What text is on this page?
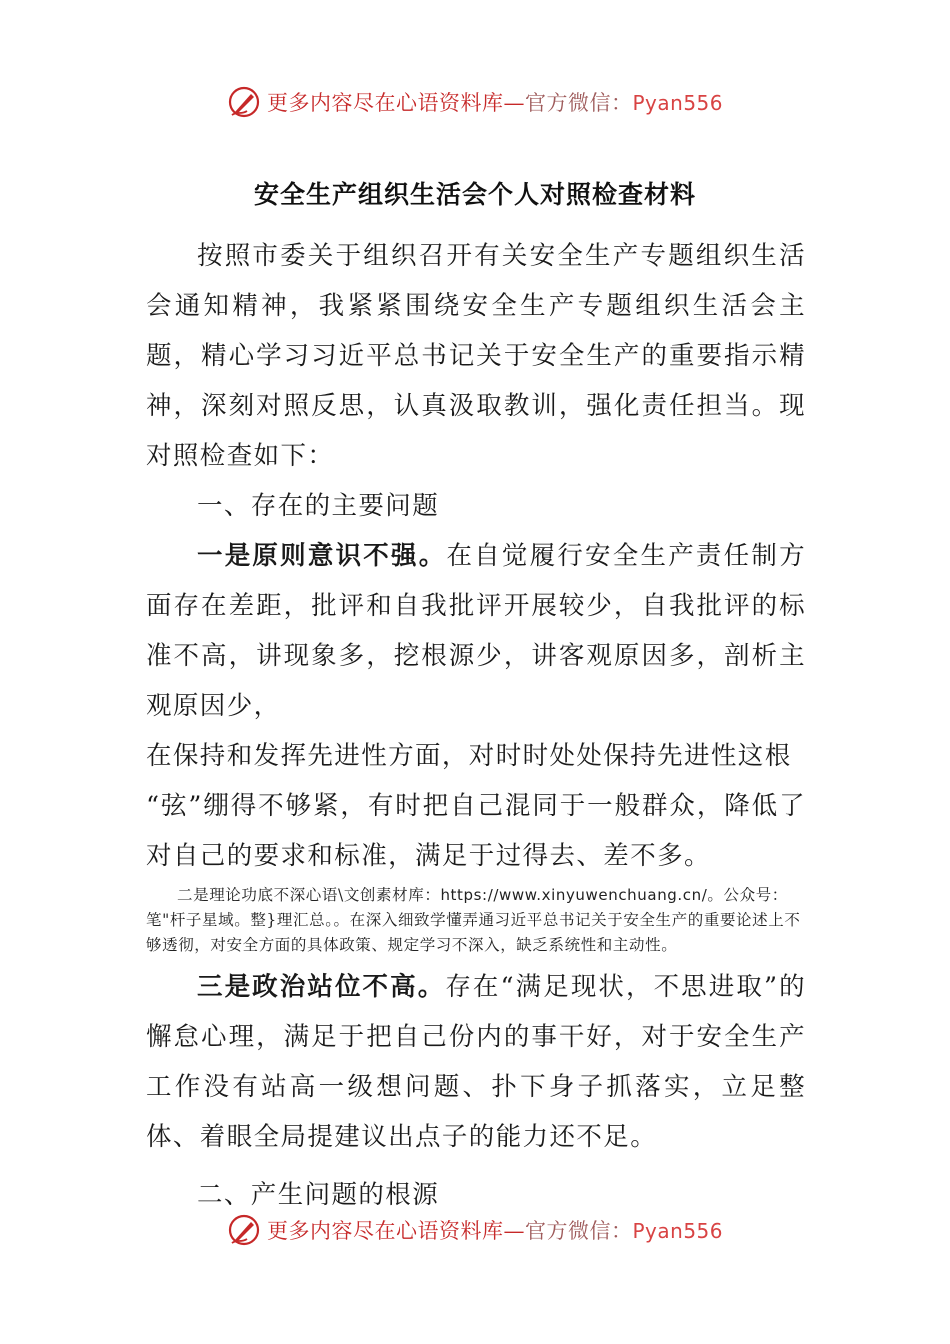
更多内容尽在心语资料库—官方微信：Pyan556
安全生产组织生活会个人对照检查材料

按照市委关于组织召开有关安全生产专题组织生活会通知精神，我紧紧围绕安全生产专题组织生活会主题，精心学习习近平总书记关于安全生产的重要指示精神，深刻对照反思，认真汲取教训，强化责任担当。现对照检查如下：

一、存在的主要问题

一是原则意识不强。在自觉履行安全生产责任制方面存在差距，批评和自我批评开展较少，自我批评的标准不高，讲现象多，挖根源少，讲客观原因多，剖析主观原因少，

在保持和发挥先进性方面，对时时处处保持先进性这根

“弦”绷得不够紧，有时把自己混同于一般群众，降低了对自己的要求和标准，满足于过得去、差不多。

二是理论功底不深心语\文创素材库：https://www.xinyuwenchuang.cn/。公众号：笔"杆子星域。整}理汇总。。在深入细致学懂弄通习近平总书记关于安全生产的重要论述上不够透彻，对安全方面的具体政策、规定学习不深入，缺乏系统性和主动性。

三是政治站位不高。存在“满足现状，不思进取”的懈怠心理，满足于把自己份内的事干好，对于安全生产工作没有站高一级想问题、扑下身子抓落实，立足整体、着眼全局提建议出点子的能力还不足。

二、产生问题的根源

更多内容尽在心语资料库—官方微信：Pyan556
